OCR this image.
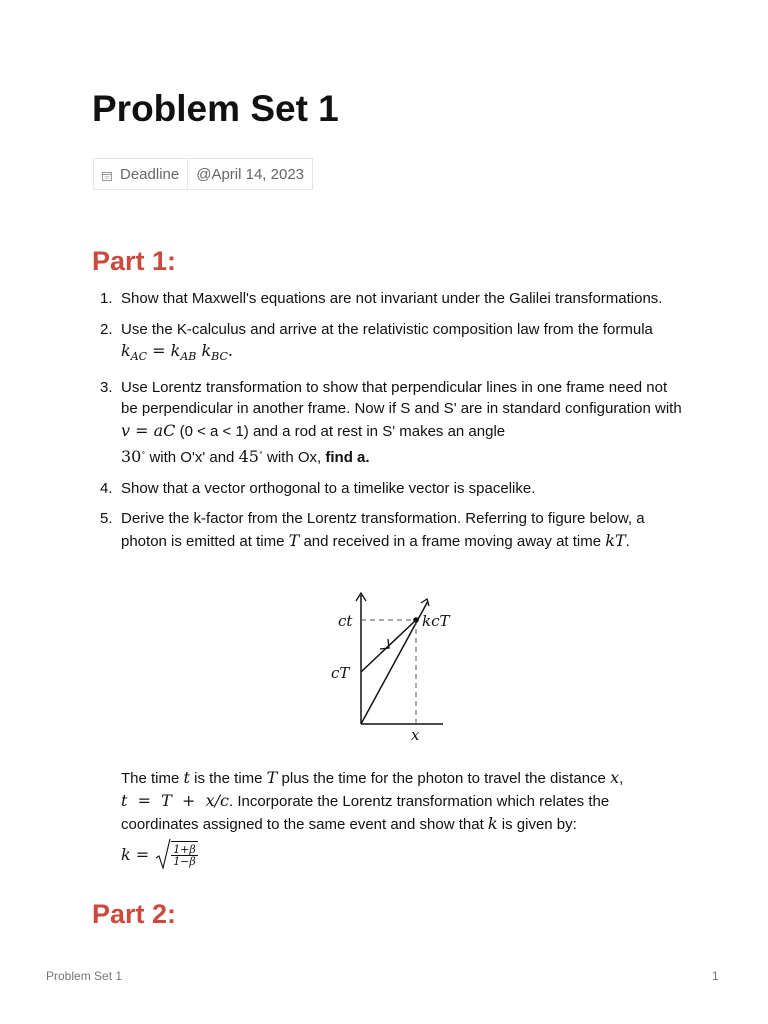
Problem Set 1
Deadline @April 14, 2023
Part 1:
1. Show that Maxwell's equations are not invariant under the Galilei transformations.
2. Use the K-calculus and arrive at the relativistic composition law from the formula
$k_{AC} = k_{AB}$ $k_{BC}$.
3. Use Lorentz transformation to show that perpendicular lines in one frame need not be perpendicular in another frame. Now if S and S' are in standard configuration with v = aC (0 < a < 1) and a rod at rest in S' makes an angle
30∘ with O'x' and 45∘ with Ox, find a.
4. Show that a vector orthogonal to a timelike vector is spacelike.
5. Derive the k-factor from the Lorentz transformation. Referring to figure below, a photon is emitted at time T and received in a frame moving away at time kT.
ct	kcT
cT
x

The time t is the time T plus the time for the photon to travel the distance x,
t  =  T  +  x/c. Incorporate the Lorentz transformation which relates the coordinates assigned to the same event and show that k is given by:

$k = \frac{1+\beta}{1-\beta}$
Part 2:
Problem Set 1	1
